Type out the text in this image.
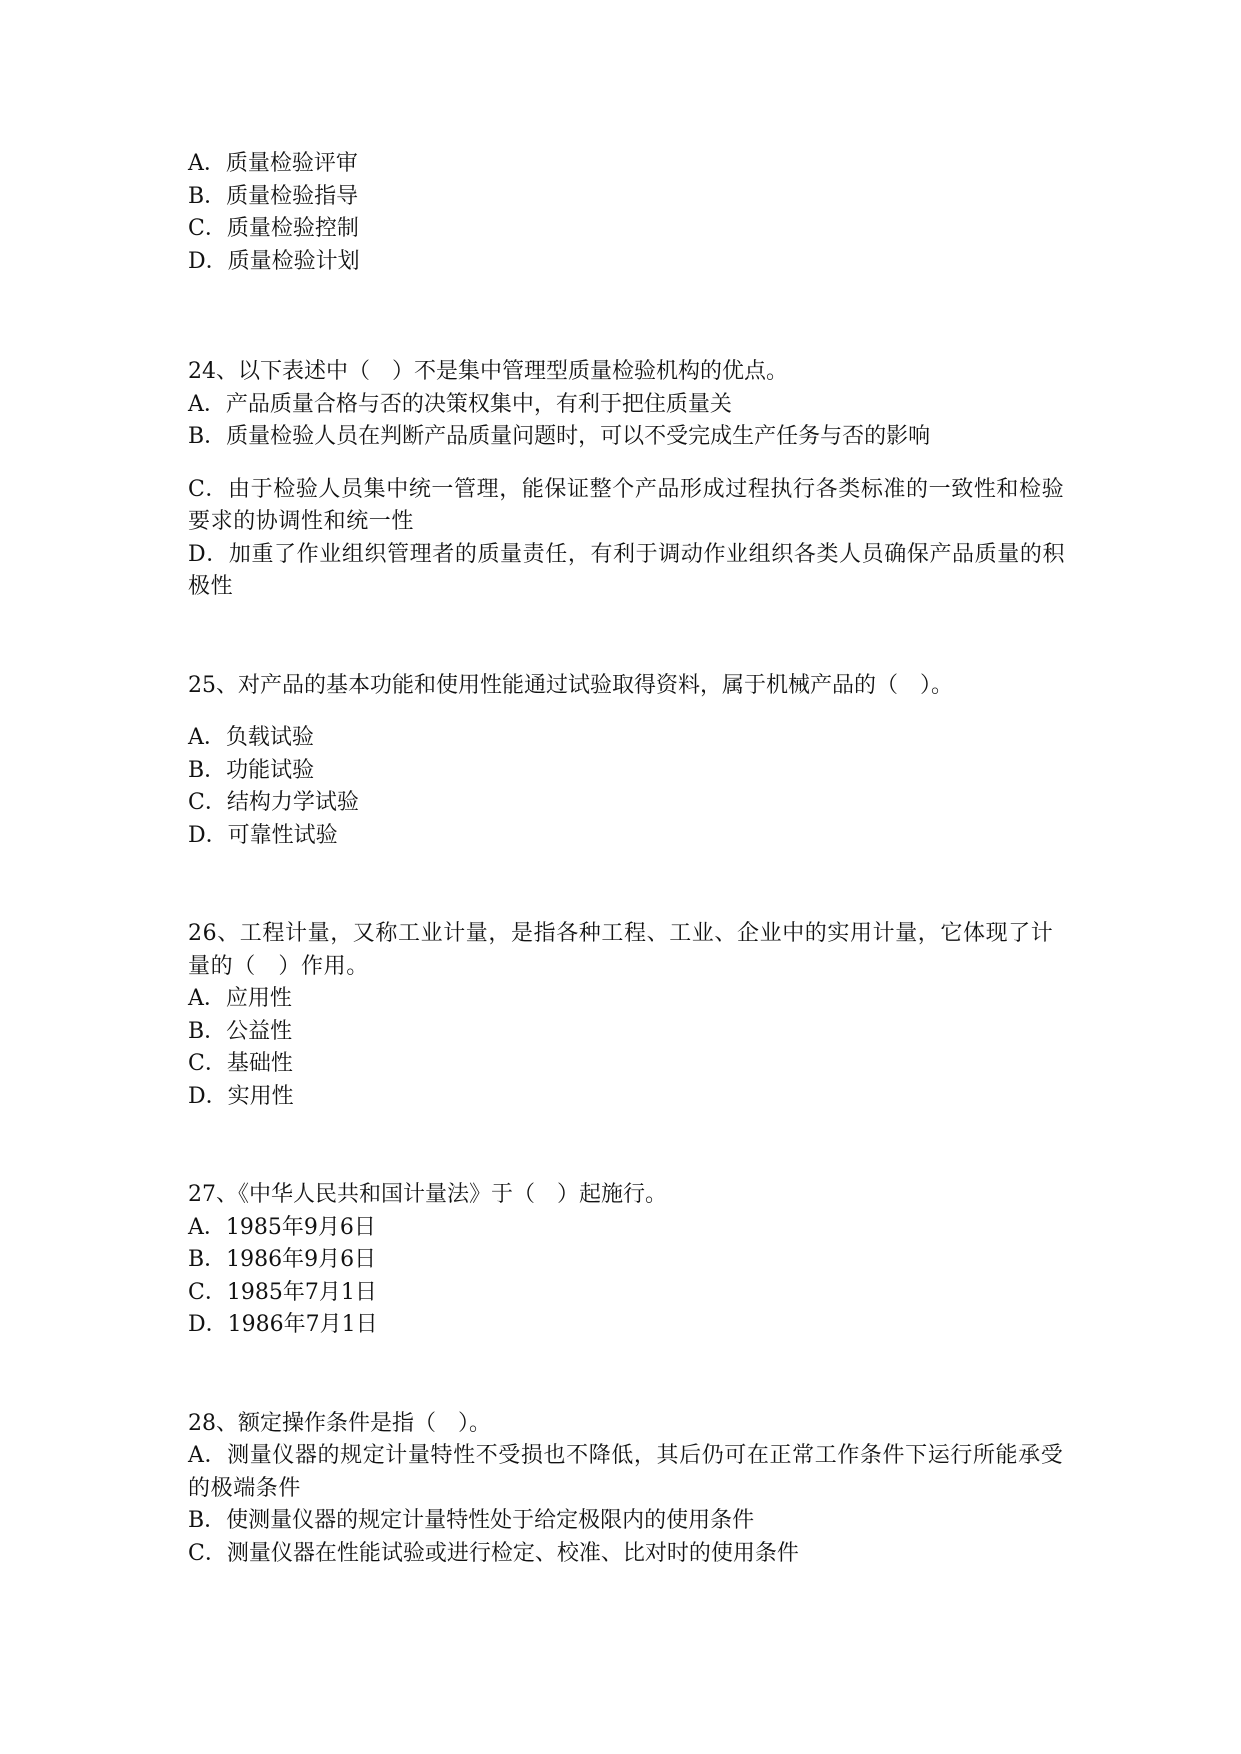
A．质量检验评审
B．质量检验指导
C．质量检验控制
D．质量检验计划
24、以下表述中（　）不是集中管理型质量检验机构的优点。
A．产品质量合格与否的决策权集中，有利于把住质量关
B．质量检验人员在判断产品质量问题时，可以不受完成生产任务与否的影响
C．由于检验人员集中统一管理，能保证整个产品形成过程执行各类标准的一致性和检验要求的协调性和统一性
D．加重了作业组织管理者的质量责任，有利于调动作业组织各类人员确保产品质量的积极性
25、对产品的基本功能和使用性能通过试验取得资料，属于机械产品的（　）。
A．负载试验
B．功能试验
C．结构力学试验
D．可靠性试验
26、工程计量，又称工业计量，是指各种工程、工业、企业中的实用计量，它体现了计量的（　）作用。
A．应用性
B．公益性
C．基础性
D．实用性
27、《中华人民共和国计量法》于（　）起施行。
A．1985年9月6日
B．1986年9月6日
C．1985年7月1日
D．1986年7月1日
28、额定操作条件是指（　）。
A．测量仪器的规定计量特性不受损也不降低，其后仍可在正常工作条件下运行所能承受的极端条件
B．使测量仪器的规定计量特性处于给定极限内的使用条件
C．测量仪器在性能试验或进行检定、校准、比对时的使用条件
